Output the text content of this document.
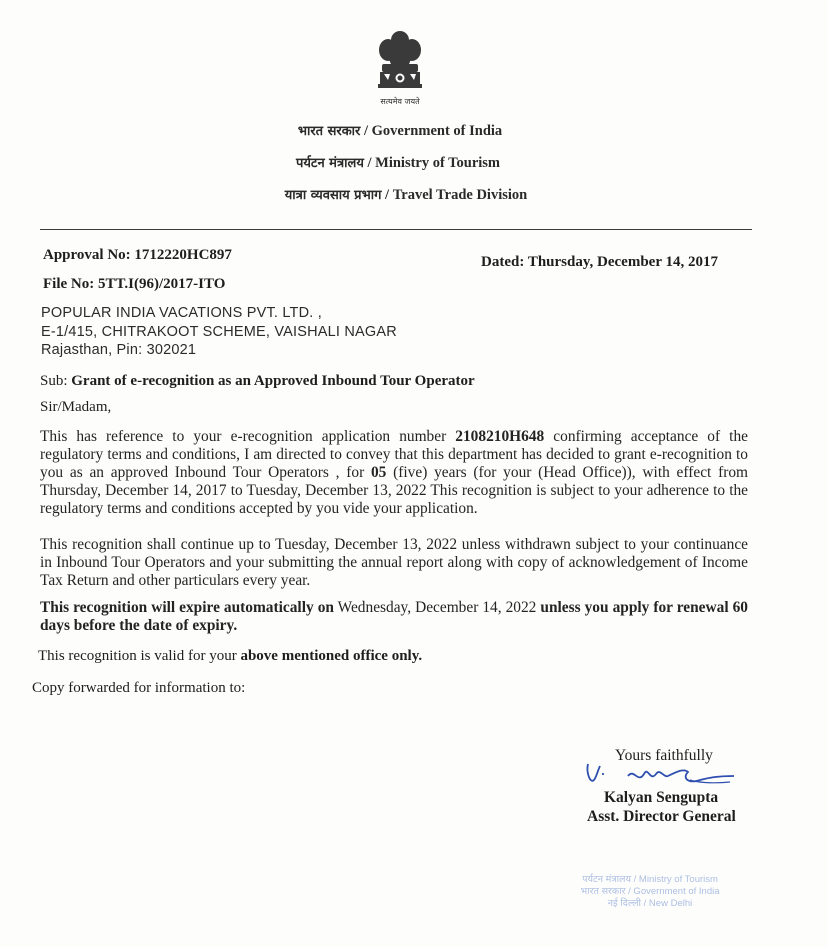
सत्यमेव जयते
भारत सरकार / Government of India
पर्यटन मंत्रालय / Ministry of Tourism
यात्रा व्यवसाय प्रभाग / Travel Trade Division
Approval No: 1712220HC897	Dated: Thursday, December 14, 2017
File No: 5TT.I(96)/2017-ITO
POPULAR INDIA VACATIONS PVT. LTD. ,
E-1/415, CHITRAKOOT SCHEME, VAISHALI NAGAR
Rajasthan, Pin: 302021
Sub: Grant of e-recognition as an Approved Inbound Tour Operator
Sir/Madam,
This has reference to your e-recognition application number 2108210H648 confirming acceptance of the regulatory terms and conditions, I am directed to convey that this department has decided to grant e-recognition to you as an approved Inbound Tour Operators , for 05 (five) years (for your (Head Office)), with effect from Thursday, December 14, 2017 to Tuesday, December 13, 2022 This recognition is subject to your adherence to the regulatory terms and conditions accepted by you vide your application.
This recognition shall continue up to Tuesday, December 13, 2022 unless withdrawn subject to your continuance in Inbound Tour Operators and your submitting the annual report along with copy of acknowledgement of Income Tax Return and other particulars every year.
This recognition will expire automatically on Wednesday, December 14, 2022 unless you apply for renewal 60 days before the date of expiry.
This recognition is valid for your above mentioned office only.
Copy forwarded for information to:
Yours faithfully
Kalyan Sengupta
Asst. Director General
पर्यटन मंत्रालय / Ministry of Tourism
भारत सरकार / Government of India
नई दिल्ली / New Delhi
